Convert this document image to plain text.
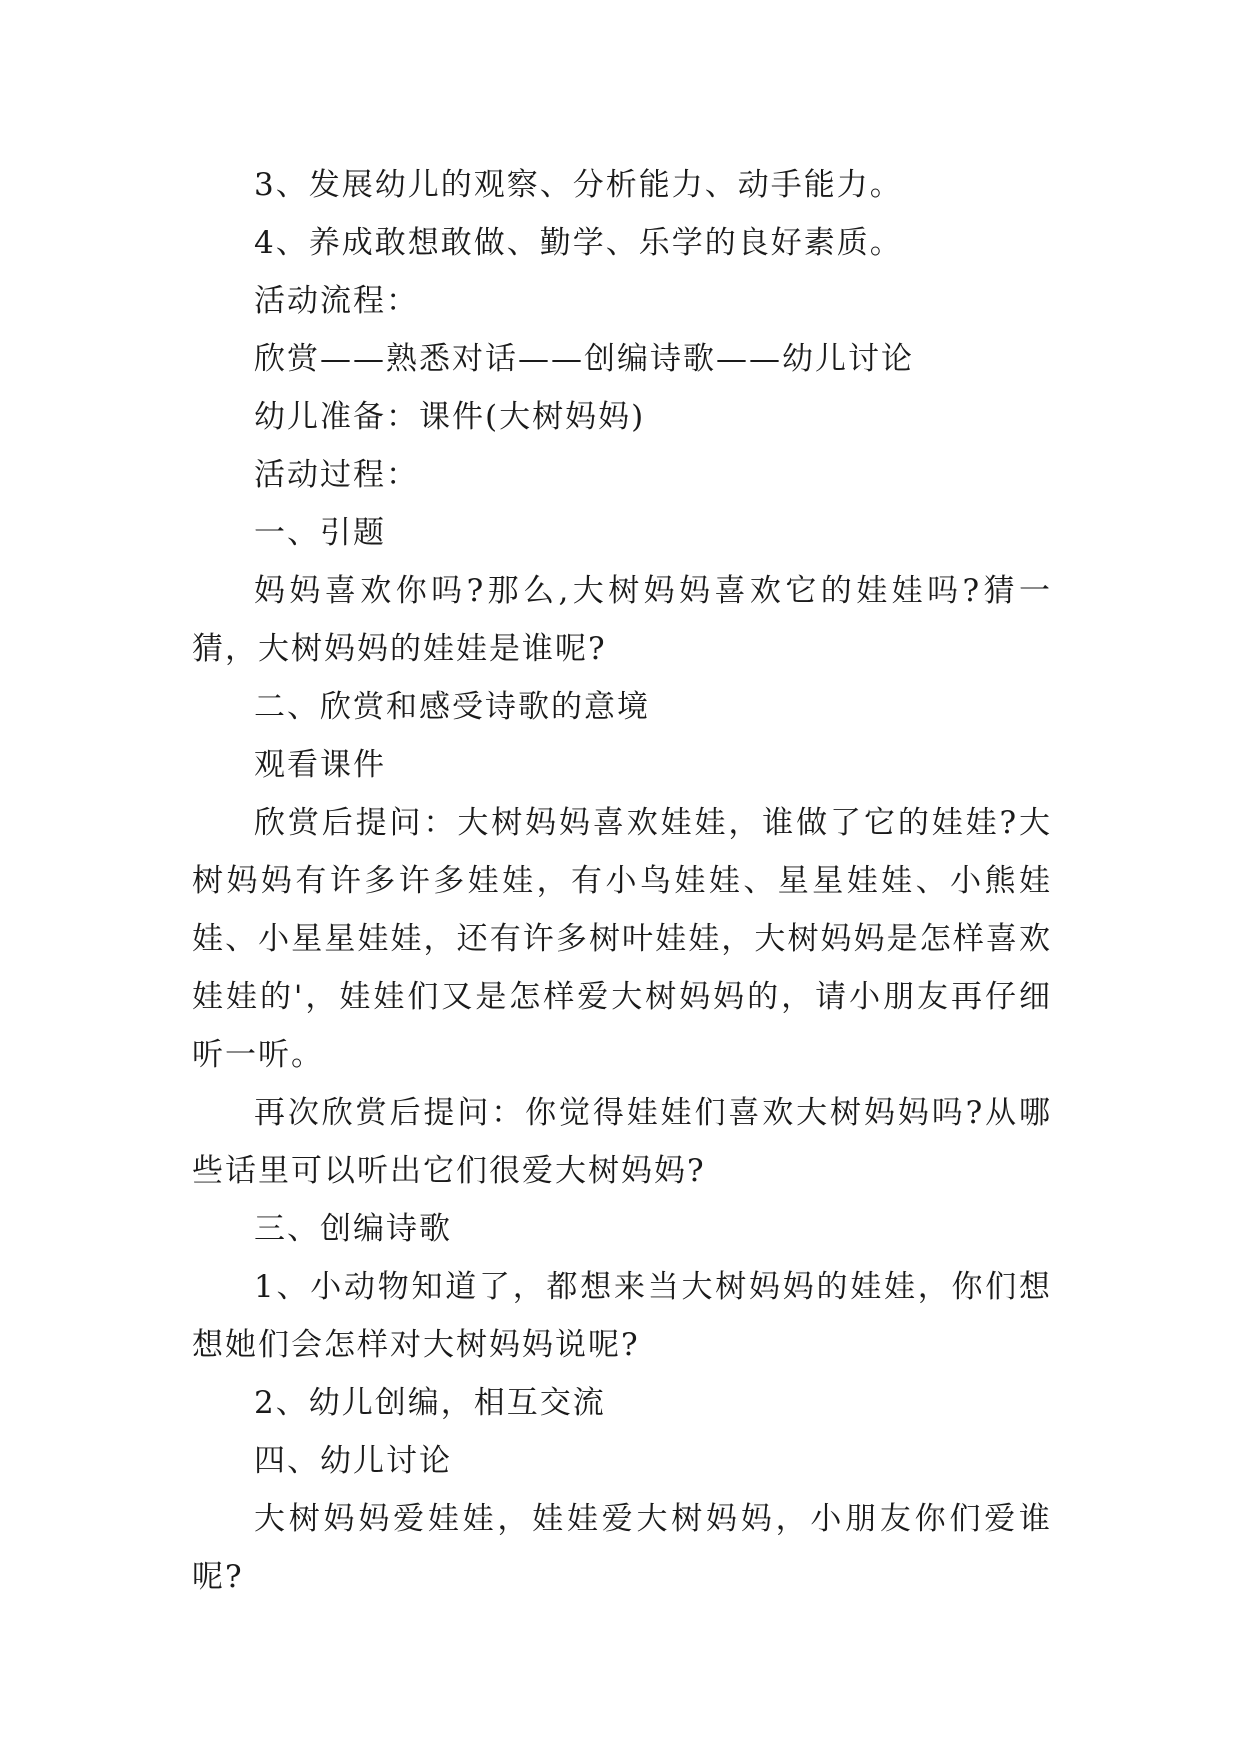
3、发展幼儿的观察、分析能力、动手能力。

4、养成敢想敢做、勤学、乐学的良好素质。

活动流程：

欣赏——熟悉对话——创编诗歌——幼儿讨论

幼儿准备：课件(大树妈妈)

活动过程：

一、引题

妈妈喜欢你吗?那么,大树妈妈喜欢它的娃娃吗?猜一猜，大树妈妈的娃娃是谁呢?

二、欣赏和感受诗歌的意境

观看课件

欣赏后提问：大树妈妈喜欢娃娃，谁做了它的娃娃?大树妈妈有许多许多娃娃，有小鸟娃娃、星星娃娃、小熊娃娃、小星星娃娃，还有许多树叶娃娃，大树妈妈是怎样喜欢娃娃的'，娃娃们又是怎样爱大树妈妈的，请小朋友再仔细听一听。

再次欣赏后提问：你觉得娃娃们喜欢大树妈妈吗?从哪些话里可以听出它们很爱大树妈妈?

三、创编诗歌

1、小动物知道了，都想来当大树妈妈的娃娃，你们想想她们会怎样对大树妈妈说呢?

2、幼儿创编，相互交流

四、幼儿讨论

大树妈妈爱娃娃，娃娃爱大树妈妈，小朋友你们爱谁呢?
